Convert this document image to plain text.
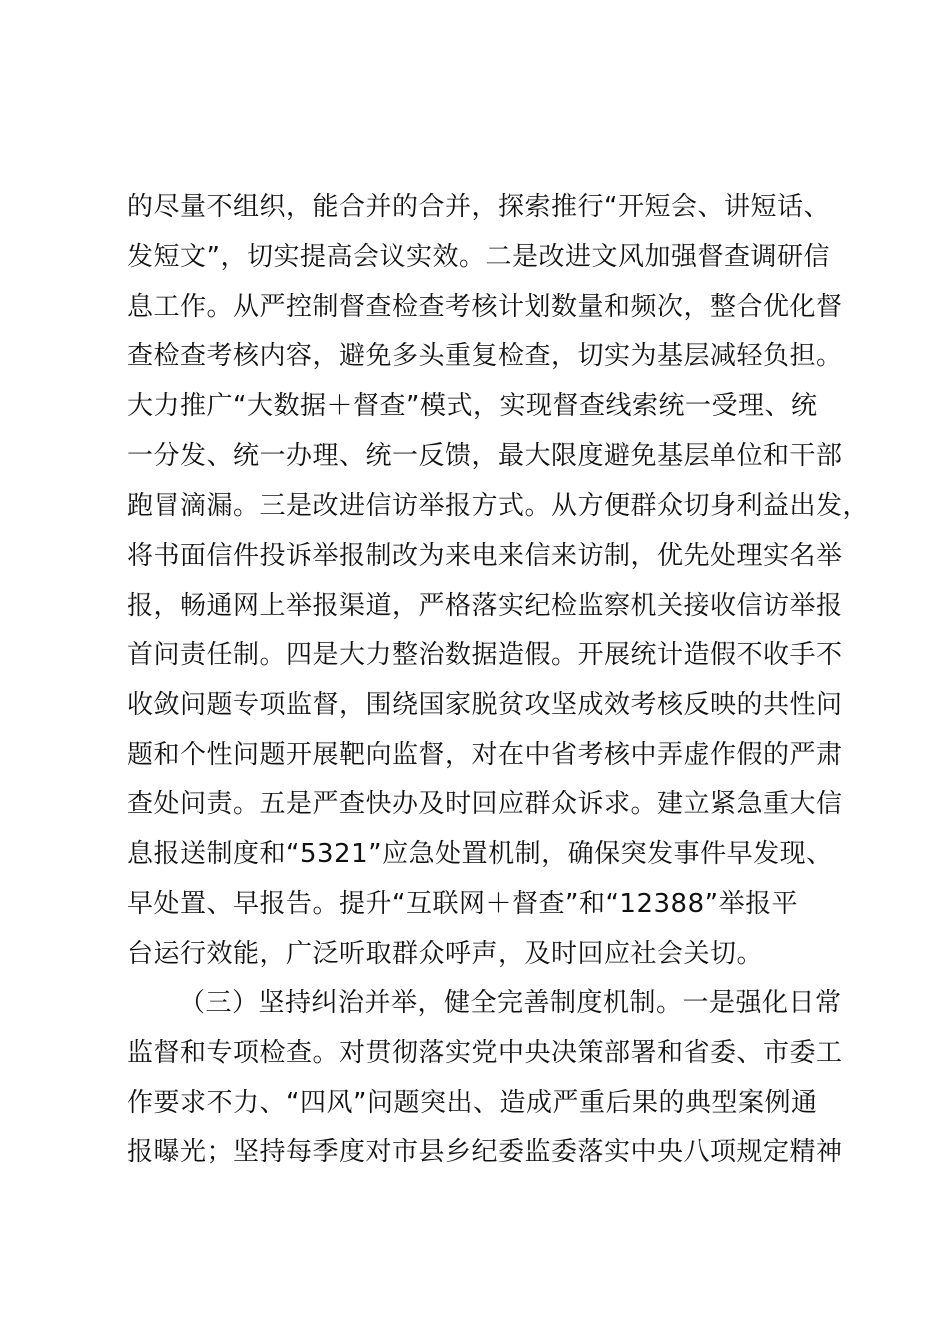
的尽量不组织，能合并的合并，探索推行“开短会、讲短话、
发短文”，切实提高会议实效。二是改进文风加强督查调研信
息工作。从严控制督查检查考核计划数量和频次，整合优化督
查检查考核内容，避免多头重复检查，切实为基层减轻负担。
大力推广“大数据＋督查”模式，实现督查线索统一受理、统
一分发、统一办理、统一反馈，最大限度避免基层单位和干部
跑冒滴漏。三是改进信访举报方式。从方便群众切身利益出发，
将书面信件投诉举报制改为来电来信来访制，优先处理实名举
报，畅通网上举报渠道，严格落实纪检监察机关接收信访举报
首问责任制。四是大力整治数据造假。开展统计造假不收手不
收敛问题专项监督，围绕国家脱贫攻坚成效考核反映的共性问
题和个性问题开展靶向监督，对在中省考核中弄虚作假的严肃
查处问责。五是严查快办及时回应群众诉求。建立紧急重大信
息报送制度和“5321”应急处置机制，确保突发事件早发现、
早处置、早报告。提升“互联网＋督查”和“12388”举报平
台运行效能，广泛听取群众呼声，及时回应社会关切。
（三）坚持纠治并举，健全完善制度机制。一是强化日常
监督和专项检查。对贯彻落实党中央决策部署和省委、市委工
作要求不力、“四风”问题突出、造成严重后果的典型案例通
报曝光；坚持每季度对市县乡纪委监委落实中央八项规定精神
